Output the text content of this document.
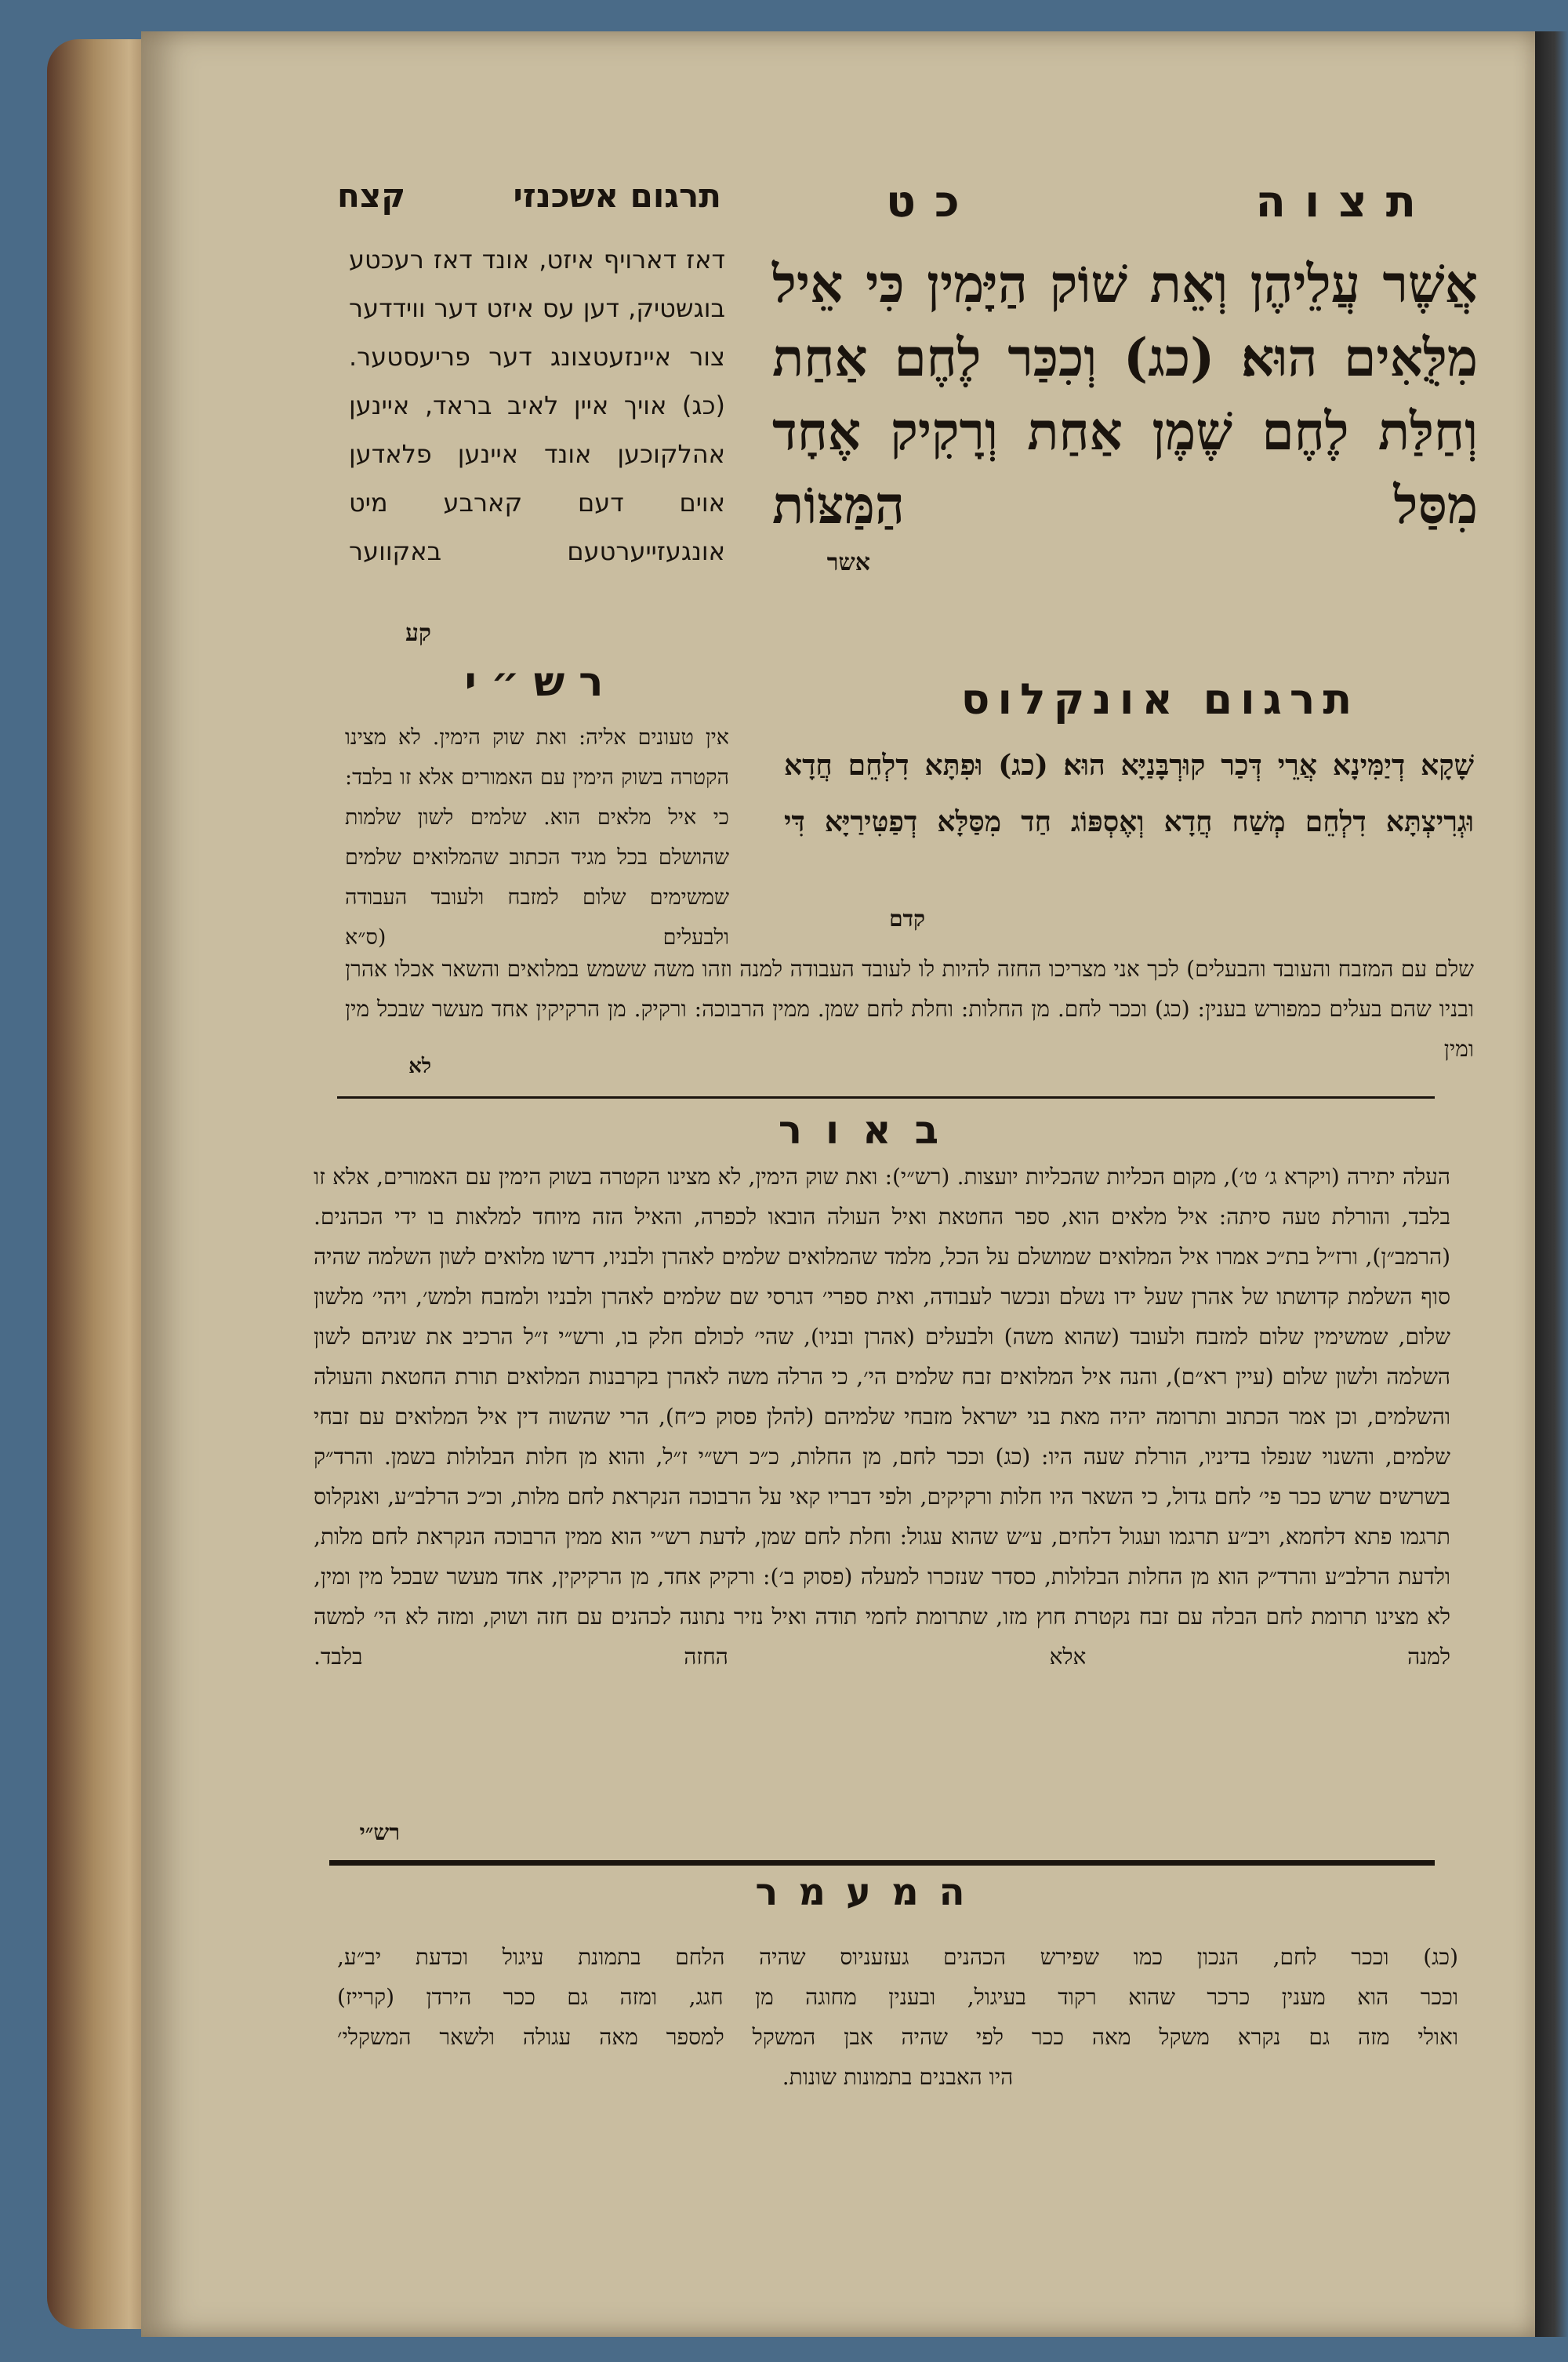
תרגום אשכנזי
קצח	תצוה
כט
אֲשֶׁר עֲלֵיהֶן וְאֵת שׁוֹק הַיָּמִין כִּי אֵיל מִלֻּאִים הוּא׃ (כג) וְכִכַּר לֶחֶם אַחַת וְחַלַּת לֶחֶם שֶׁמֶן אַחַת וְרָקִיק אֶחָד מִסַּל הַמַּצּוֹת
אשר
דאז דארויף איזט, אונד דאז רעכטע בוגשטיק, דען עס איזט דער ווידדער צור איינזעטצונג דער פריעסטער. (כג) אויך איין לאיב בראד, איינען אהלקוכען אונד איינען פלאדען אוים דעם קארבע מיט אונגעזייערטעם באקווער
קע
רש״י
אין טעונים אליה: ואת שוק הימין. לא מצינו הקטרה בשוק הימין עם האמורים אלא זו בלבד: כי איל מלאים הוא. שלמים לשון שלמות שהושלם בכל מגיד הכתוב שהמלואים שלמים שמשימים שלום למזבח ולעובד העבודה ולבעלים (ס״א
תרגום אונקלוס
שָׁקָא דְיַמִּינָא אֲרֵי דְּכַר קוּרְבָּנַיָּא הוּא׃ (כג) וּפִתָּא דִלְחֵם חֲדָא וּגְרִיצְתָּא דִלְחֵם מְשַׁח חֲדָא וְאֶסְפּוֹג חַד מִסַּלָּא דְפַטִּירַיָּא דִּי
קדם
שלם עם המזבח והעובד והבעלים) לכך אני מצריכו החזה להיות לו לעובד העבודה למנה וזהו משה ששמש במלואים והשאר אכלו אהרן ובניו שהם בעלים כמפורש בענין: (כג) וככר לחם. מן החלות: וחלת לחם שמן. ממין הרבוכה: ורקיק. מן הרקיקין אחד מעשר שבכל מין ומין
לא
באור
העלה יתירה (ויקרא ג׳ ט׳), מקום הכליות שהכליות יועצות. (רש״י): ואת שוק הימין, לא מצינו הקטרה בשוק הימין עם האמורים, אלא זו בלבד, והורלת טעה סיתה: איל מלאים הוא, ספר החטאת ואיל העולה הובאו לכפרה, והאיל הזה מיוחד למלאות בו ידי הכהנים. (הרמב״ן), ורז״ל בת״כ אמרו איל המלואים שמושלם על הכל, מלמד שהמלואים שלמים לאהרן ולבניו, דרשו מלואים לשון השלמה שהיה סוף השלמת קדושתו של אהרן שעל ידו נשלם ונכשר לעבודה, ואית ספרי׳ דגרסי שם שלמים לאהרן ולבניו ולמזבח ולמש׳, ויהי׳ מלשון שלום, שמשימין שלום למזבח ולעובד (שהוא משה) ולבעלים (אהרן ובניו), שהי׳ לכולם חלק בו, ורש״י ז״ל הרכיב את שניהם לשון השלמה ולשון שלום (עיין רא״ם), והנה איל המלואים זבח שלמים הי׳, כי הרלה משה לאהרן בקרבנות המלואים תורת החטאת והעולה והשלמים, וכן אמר הכתוב ותרומה יהיה מאת בני ישראל מזבחי שלמיהם (להלן פסוק כ״ח), הרי שהשוה דין איל המלואים עם זבחי שלמים, והשנוי שנפלו בדיניו, הורלת שעה היו: (כג) וככר לחם, מן החלות, כ״כ רש״י ז״ל, והוא מן חלות הבלולות בשמן. והרד״ק בשרשים שרש ככר פי׳ לחם גדול, כי השאר היו חלות ורקיקים, ולפי דבריו קאי על הרבוכה הנקראת לחם מלות, וכ״כ הרלב״ע, ואנקלוס תרגמו פתא דלחמא, ויב״ע תרגמו ועגול דלחים, ע״ש שהוא עגול: וחלת לחם שמן, לדעת רש״י הוא ממין הרבוכה הנקראת לחם מלות, ולדעת הרלב״ע והרד״ק הוא מן החלות הבלולות, כסדר שנזכרו למעלה (פסוק ב׳): ורקיק אחד, מן הרקיקין, אחד מעשר שבכל מין ומין, לא מצינו תרומת לחם הבלה עם זבח נקטרת חוץ מזו, שתרומת לחמי תודה ואיל נזיר נתונה לכהנים עם חזה ושוק, ומזה לא הי׳ למשה למנה אלא החזה בלבד.
רש״י
המעמר

(כג) וככר לחם, הנכון כמו שפירש הכהנים געזעניוס שהיה הלחם בתמונת עיגול וכדעת יב״ע,

וככר הוא מענין כרכר שהוא רקוד בעיגול, ובענין מחוגה מן חגג, ומזה גם ככר הירדן (קרייז)

ואולי מזה גם נקרא משקל מאה ככר לפי שהיה אבן המשקל למספר מאה עגולה ולשאר המשקלי׳

היו האבנים בתמונות שונות.
